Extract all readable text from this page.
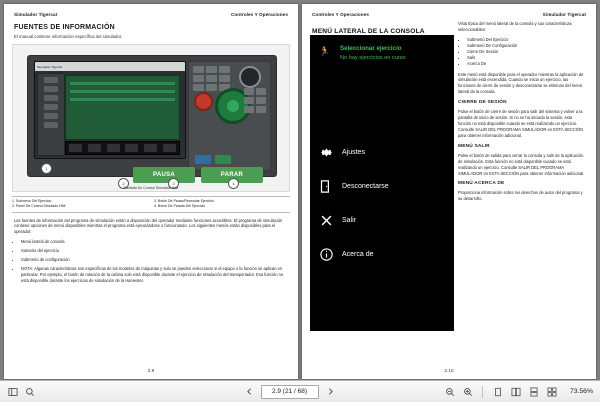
Simulador Tigercat	Controles Y Operaciones
FUENTES DE INFORMACIÓN
El manual contiene información específica del simulador.
Simulador Tigercat
PAUSA	PARAR
1
2	3	4
Pantalla De Control Simulado HMI
1. Submenú Del Ejercicio	3. Botón De Pausa/Reanudar Ejercicio
2. Panel De Control Simulado HMI	4. Botón De Parada Del Ejercicio

Las fuentes de información del programa de simulación están a disposición del operador mediante funciones accesibles. El programa de simulación contiene opciones de menú disponibles mientras el programa está ejecutándose o funcionando. Los siguientes menús están disponibles para el operador:

• Menú lateral de consola
• Sumario del ejercicio
• Submenú de configuración
• NOTA: Algunas características son específicas de los modelos de máquinas y solo se pueden seleccionar si el equipo o la función se aplican en particular. Por ejemplo, el botón de rotación de la cabina solo está disponible durante el ejercicio de simulación del transportador. Esa función no está disponible durante los ejercicios de simulación de la Harvester.
2.9
Controles Y Operaciones	Simulador Tigercat
MENÚ LATERAL DE LA CONSOLA
🏃 Seleccionar ejercicio
No hay ejercicios en curso
Ajustes
Desconectarse
Salir
Acerca de

Vista típica del menú lateral de la consola y sus características seleccionables:

• Submenú Del Ejercicio
• Submenú De Configuración
• Cierre De Sesión
• Salir
• Acerca De

Este menú está disponible para el operador mientras la aplicación de simulación está encendida. Cuando se inicia un ejercicio, las funciones de cierre de sesión y desconectarse se eliminan del menú lateral de la consola.

CIERRE DE SESIÓN

Pulse el botón de cierre de sesión para salir del sistema y volver a la pantalla de inicio de sesión. Si no se ha iniciado la sesión, esta función no está disponible cuando se está realizando un ejercicio. Consulte SALIR DEL PROGRAMA SIMULADOR en ESTA SECCIÓN para obtener información adicional.

MENÚ SALIR

Pulse el botón de salida para cerrar la consola y salir de la aplicación de simulación. Esta función no está disponible cuando se está realizando un ejercicio. Consulte SALIR DEL PROGRAMA SIMULADOR en ESTA SECCIÓN para obtener información adicional.

MENÚ ACERCA DE

Proporciona información sobre los derechos de autor del programa y su desarrollo.

2.10
2.9 (21 / 68)	73.56%
